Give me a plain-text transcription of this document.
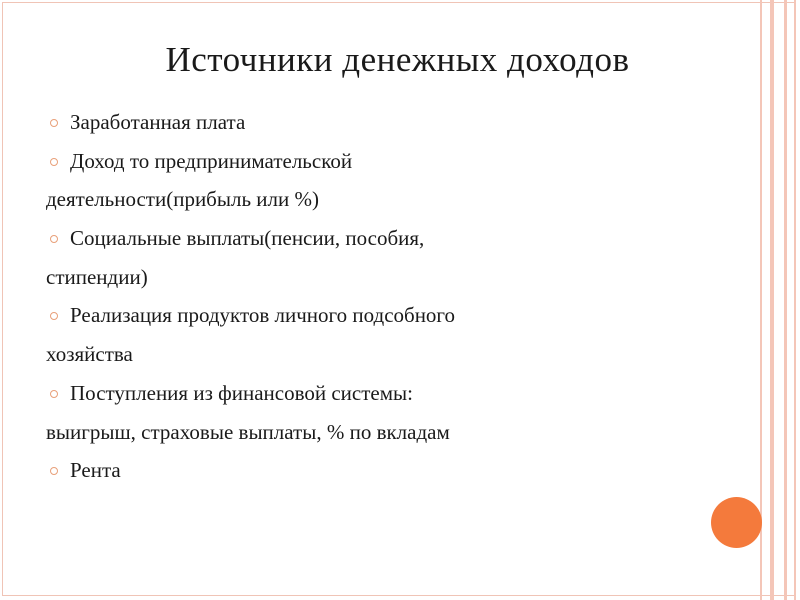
Источники денежных доходов
Заработанная плата
Доход то предпринимательской
деятельности(прибыль или %)
Социальные выплаты(пенсии, пособия,
стипендии)
Реализация продуктов личного подсобного
хозяйства
Поступления из финансовой системы:
выигрыш, страховые выплаты, % по вкладам
Рента
